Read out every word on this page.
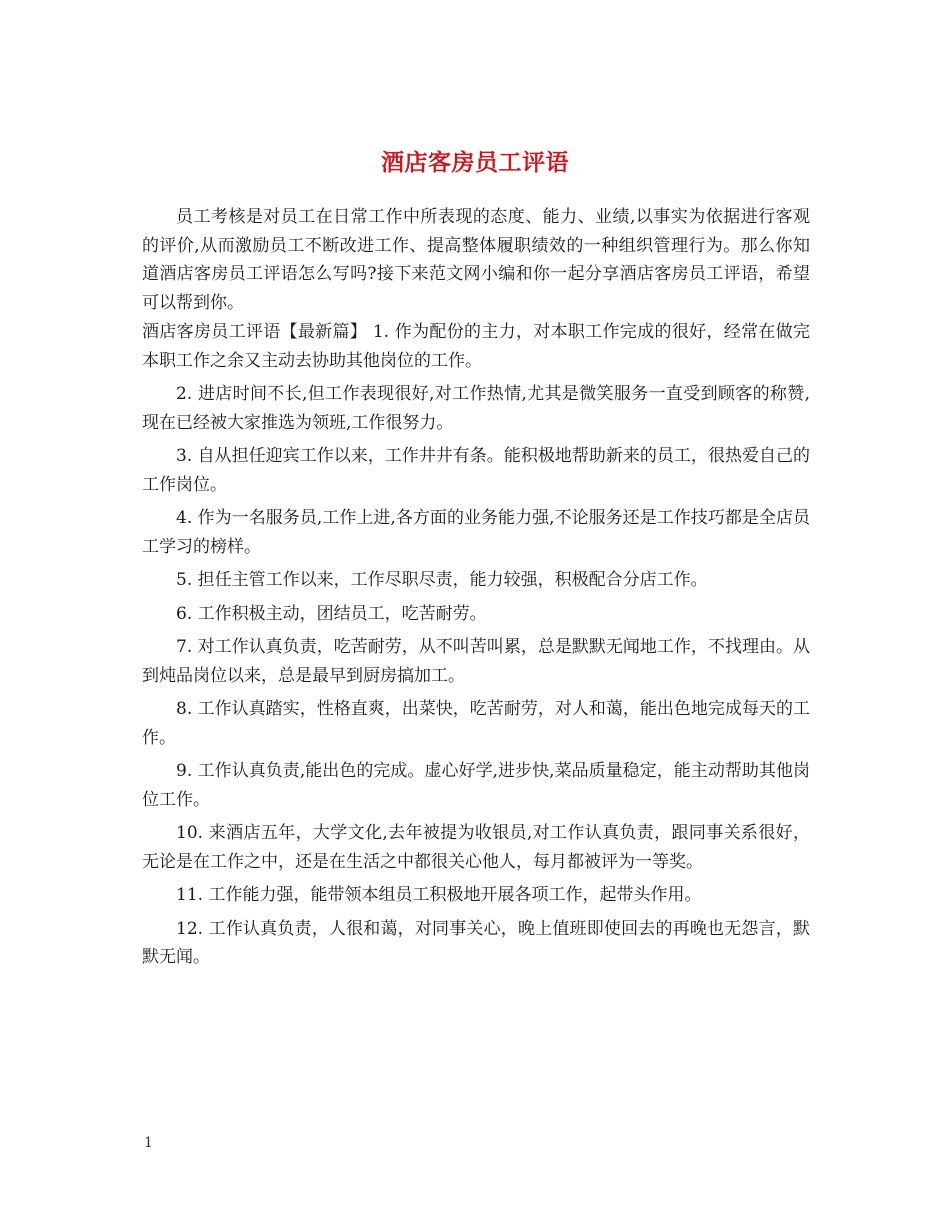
酒店客房员工评语

员工考核是对员工在日常工作中所表现的态度、能力、业绩,以事实为依据进行客观的评价,从而激励员工不断改进工作、提高整体履职绩效的一种组织管理行为。那么你知道酒店客房员工评语怎么写吗?接下来范文网小编和你一起分享酒店客房员工评语，希望可以帮到你。

酒店客房员工评语【最新篇】 1. 作为配份的主力，对本职工作完成的很好，经常在做完本职工作之余又主动去协助其他岗位的工作。

2. 进店时间不长,但工作表现很好,对工作热情,尤其是微笑服务一直受到顾客的称赞,现在已经被大家推选为领班,工作很努力。

3. 自从担任迎宾工作以来，工作井井有条。能积极地帮助新来的员工，很热爱自己的工作岗位。

4. 作为一名服务员,工作上进,各方面的业务能力强,不论服务还是工作技巧都是全店员工学习的榜样。

5. 担任主管工作以来，工作尽职尽责，能力较强，积极配合分店工作。

6. 工作积极主动，团结员工，吃苦耐劳。

7. 对工作认真负责，吃苦耐劳，从不叫苦叫累，总是默默无闻地工作，不找理由。从到炖品岗位以来，总是最早到厨房搞加工。

8. 工作认真踏实，性格直爽，出菜快，吃苦耐劳，对人和蔼，能出色地完成每天的工作。

9. 工作认真负责,能出色的完成。虚心好学,进步快,菜品质量稳定，能主动帮助其他岗位工作。

10. 来酒店五年，大学文化,去年被提为收银员,对工作认真负责，跟同事关系很好，无论是在工作之中，还是在生活之中都很关心他人，每月都被评为一等奖。

11. 工作能力强，能带领本组员工积极地开展各项工作，起带头作用。

12. 工作认真负责，人很和蔼，对同事关心，晚上值班即使回去的再晚也无怨言，默默无闻。

1
